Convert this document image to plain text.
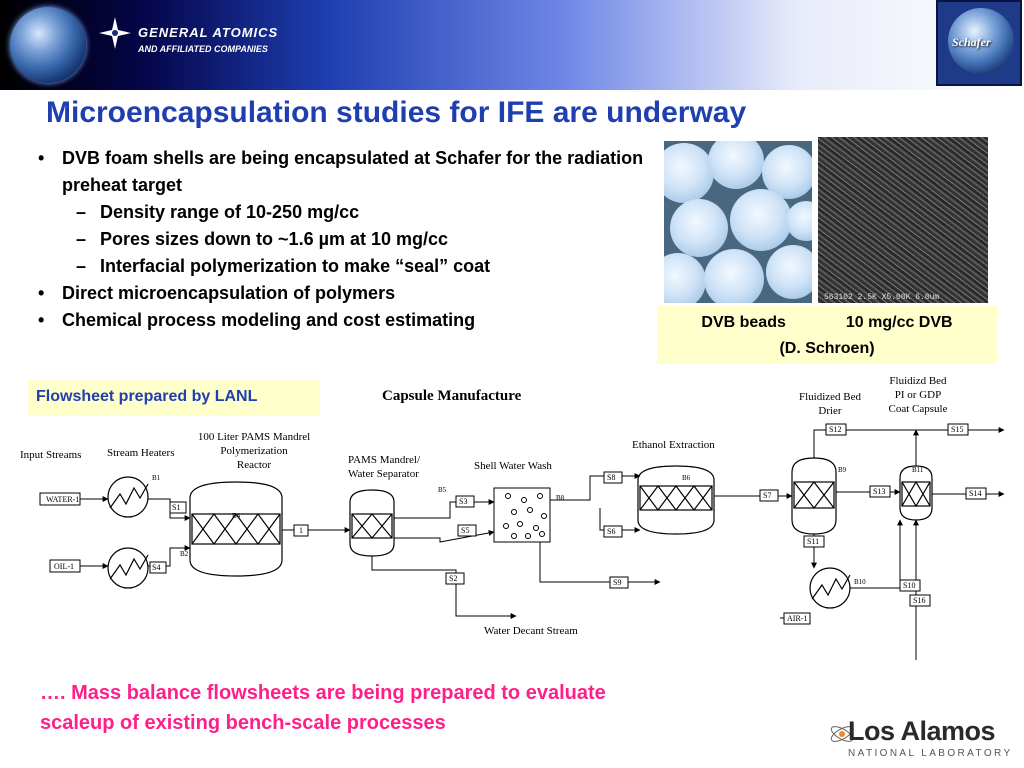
GENERAL ATOMICS
AND AFFILIATED COMPANIES	Schafer
Microencapsulation studies for IFE are underway
• DVB foam shells are being encapsulated at Schafer for the radiation preheat target
– Density range of 10-250 mg/cc
– Pores sizes down to ~1.6 µm at 10 mg/cc
– Interfacial polymerization to make “seal” coat
• Direct microencapsulation of polymers
• Chemical process modeling and cost estimating
563102 2.5K X5.00K 6.0um
DVB beads	10 mg/cc DVB
(D. Schroen)
Flowsheet prepared by LANL	Capsule Manufacture
Input Streams Stream Heaters
100 Liter PAMS Mandrel
Polymerization
Reactor	PAMS Mandrel/
Water Separator
Shell Water Wash
Ethanol Extraction
Fluidized Bed
Drier
Fluidizd Bed
PI or GDP
Coat Capsule
Water Decant Stream
WATER-1
OIL-1
S1
S4
1
S3
S5
S2
S8
S6
S9
S7
S12
S11
S13
S10
S15
S14
S16
AIR-1
B1
B2
B4
B5
B8
B6
B9
B10
B11
…. Mass balance flowsheets are being prepared to evaluate
scaleup of existing bench-scale processes	Los Alamos
NATIONAL LABORATORY
